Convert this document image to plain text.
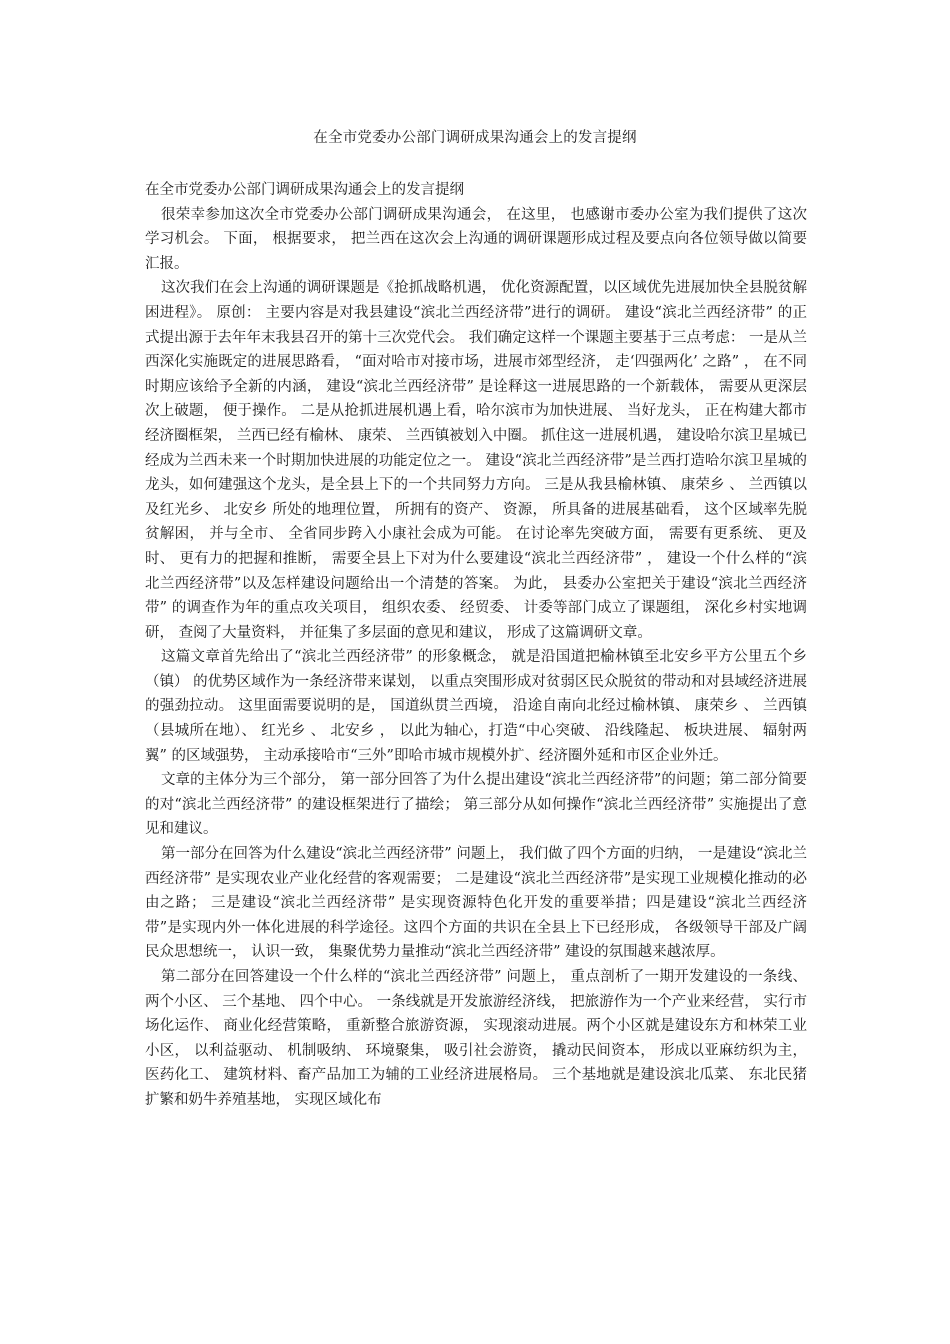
在全市党委办公部门调研成果沟通会上的发言提纲

在全市党委办公部门调研成果沟通会上的发言提纲

很荣幸参加这次全市党委办公部门调研成果沟通会， 在这里， 也感谢市委办公室为我们提供了这次学习机会。 下面， 根据要求， 把兰西在这次会上沟通的调研课题形成过程及要点向各位领导做以简要汇报。

这次我们在会上沟通的调研课题是《抢抓战略机遇， 优化资源配置，以区域优先进展加快全县脱贫解困进程》。 原创： 主要内容是对我县建设“滨北兰西经济带”进行的调研。 建设“滨北兰西经济带” 的正式提出源于去年年末我县召开的第十三次党代会。 我们确定这样一个课题主要基于三点考虑： 一是从兰西深化实施既定的进展思路看， “面对哈市对接市场，进展市郊型经济， 走‘四强两化’ 之路” ， 在不同时期应该给予全新的内涵， 建设“滨北兰西经济带” 是诠释这一进展思路的一个新载体， 需要从更深层次上破题， 便于操作。 二是从抢抓进展机遇上看，哈尔滨市为加快进展、 当好龙头， 正在构建大都市经济圈框架， 兰西已经有榆林、 康荣、 兰西镇被划入中圈。 抓住这一进展机遇， 建设哈尔滨卫星城已经成为兰西未来一个时期加快进展的功能定位之一。 建设“滨北兰西经济带”是兰西打造哈尔滨卫星城的龙头，如何建强这个龙头，是全县上下的一个共同努力方向。 三是从我县榆林镇、 康荣乡 、 兰西镇以及红光乡、 北安乡 所处的地理位置， 所拥有的资产、 资源， 所具备的进展基础看， 这个区域率先脱贫解困， 并与全市、 全省同步跨入小康社会成为可能。 在讨论率先突破方面， 需要有更系统、 更及时、 更有力的把握和推断， 需要全县上下对为什么要建设“滨北兰西经济带” ， 建设一个什么样的“滨北兰西经济带”以及怎样建设问题给出一个清楚的答案。 为此， 县委办公室把关于建设“滨北兰西经济带” 的调查作为年的重点攻关项目， 组织农委、 经贸委、 计委等部门成立了课题组， 深化乡村实地调研， 查阅了大量资料， 并征集了多层面的意见和建议， 形成了这篇调研文章。

这篇文章首先给出了“滨北兰西经济带” 的形象概念， 就是沿国道把榆林镇至北安乡平方公里五个乡（镇） 的优势区域作为一条经济带来谋划， 以重点突围形成对贫弱区民众脱贫的带动和对县域经济进展的强劲拉动。 这里面需要说明的是， 国道纵贯兰西境， 沿途自南向北经过榆林镇、 康荣乡 、 兰西镇（县城所在地）、 红光乡 、 北安乡 ， 以此为轴心，打造“中心突破、 沿线隆起、 板块进展、 辐射两翼” 的区域强势， 主动承接哈市“三外”即哈市城市规模外扩、经济圈外延和市区企业外迁。

文章的主体分为三个部分， 第一部分回答了为什么提出建设“滨北兰西经济带”的问题；第二部分简要的对“滨北兰西经济带” 的建设框架进行了描绘； 第三部分从如何操作“滨北兰西经济带” 实施提出了意见和建议。

第一部分在回答为什么建设“滨北兰西经济带” 问题上， 我们做了四个方面的归纳， 一是建设“滨北兰西经济带” 是实现农业产业化经营的客观需要； 二是建设“滨北兰西经济带”是实现工业规模化推动的必由之路； 三是建设“滨北兰西经济带” 是实现资源特色化开发的重要举措；四是建设“滨北兰西经济带”是实现内外一体化进展的科学途径。这四个方面的共识在全县上下已经形成， 各级领导干部及广阔民众思想统一， 认识一致， 集聚优势力量推动“滨北兰西经济带” 建设的氛围越来越浓厚。

第二部分在回答建设一个什么样的“滨北兰西经济带” 问题上， 重点剖析了一期开发建设的一条线、 两个小区、 三个基地、 四个中心。 一条线就是开发旅游经济线， 把旅游作为一个产业来经营， 实行市场化运作、 商业化经营策略， 重新整合旅游资源， 实现滚动进展。两个小区就是建设东方和林荣工业小区， 以利益驱动、 机制吸纳、 环境聚集， 吸引社会游资， 撬动民间资本， 形成以亚麻纺织为主， 医药化工、 建筑材料、畜产品加工为辅的工业经济进展格局。 三个基地就是建设滨北瓜菜、 东北民猪扩繁和奶牛养殖基地， 实现区域化布
